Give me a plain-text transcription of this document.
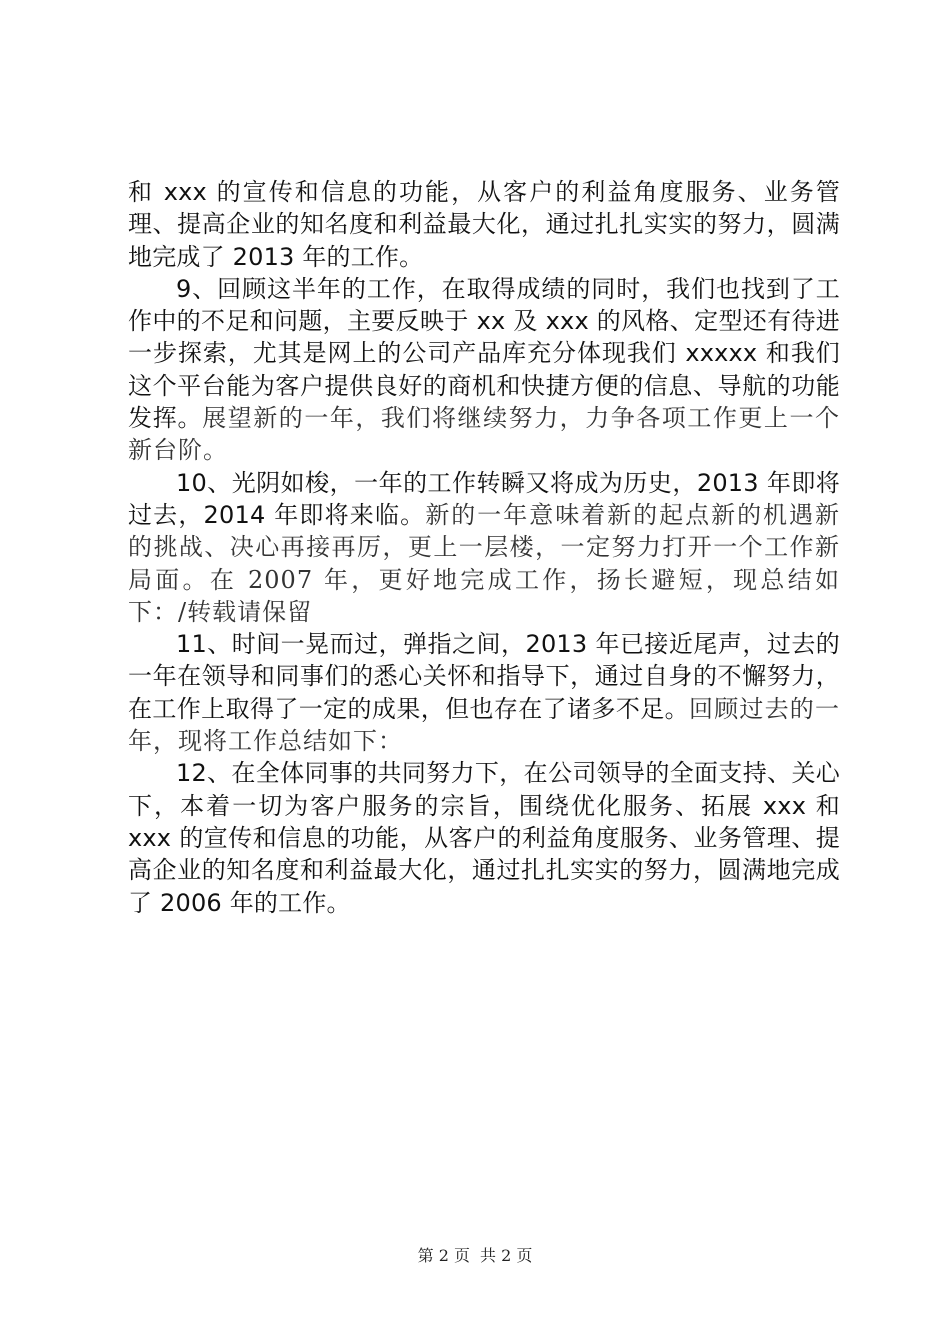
和 xxx 的宣传和信息的功能，从客户的利益角度服务、业务管理、提高企业的知名度和利益最大化，通过扎扎实实的努力，圆满地完成了 2013 年的工作。

9、回顾这半年的工作，在取得成绩的同时，我们也找到了工作中的不足和问题，主要反映于 xx 及 xxx 的风格、定型还有待进一步探索，尤其是网上的公司产品库充分体现我们 xxxxx 和我们这个平台能为客户提供良好的商机和快捷方便的信息、导航的功能发挥。展望新的一年，我们将继续努力，力争各项工作更上一个新台阶。

10、光阴如梭，一年的工作转瞬又将成为历史，2013 年即将过去，2014 年即将来临。新的一年意味着新的起点新的机遇新的挑战、决心再接再厉，更上一层楼，一定努力打开一个工作新局面。在 2007 年，更好地完成工作，扬长避短，现总结如下：/转载请保留

11、时间一晃而过，弹指之间，2013 年已接近尾声，过去的一年在领导和同事们的悉心关怀和指导下，通过自身的不懈努力，在工作上取得了一定的成果，但也存在了诸多不足。回顾过去的一年，现将工作总结如下：

12、在全体同事的共同努力下，在公司领导的全面支持、关心下，本着一切为客户服务的宗旨，围绕优化服务、拓展 xxx 和 xxx 的宣传和信息的功能，从客户的利益角度服务、业务管理、提高企业的知名度和利益最大化，通过扎扎实实的努力，圆满地完成了 2006 年的工作。

第 2 页 共 2 页
